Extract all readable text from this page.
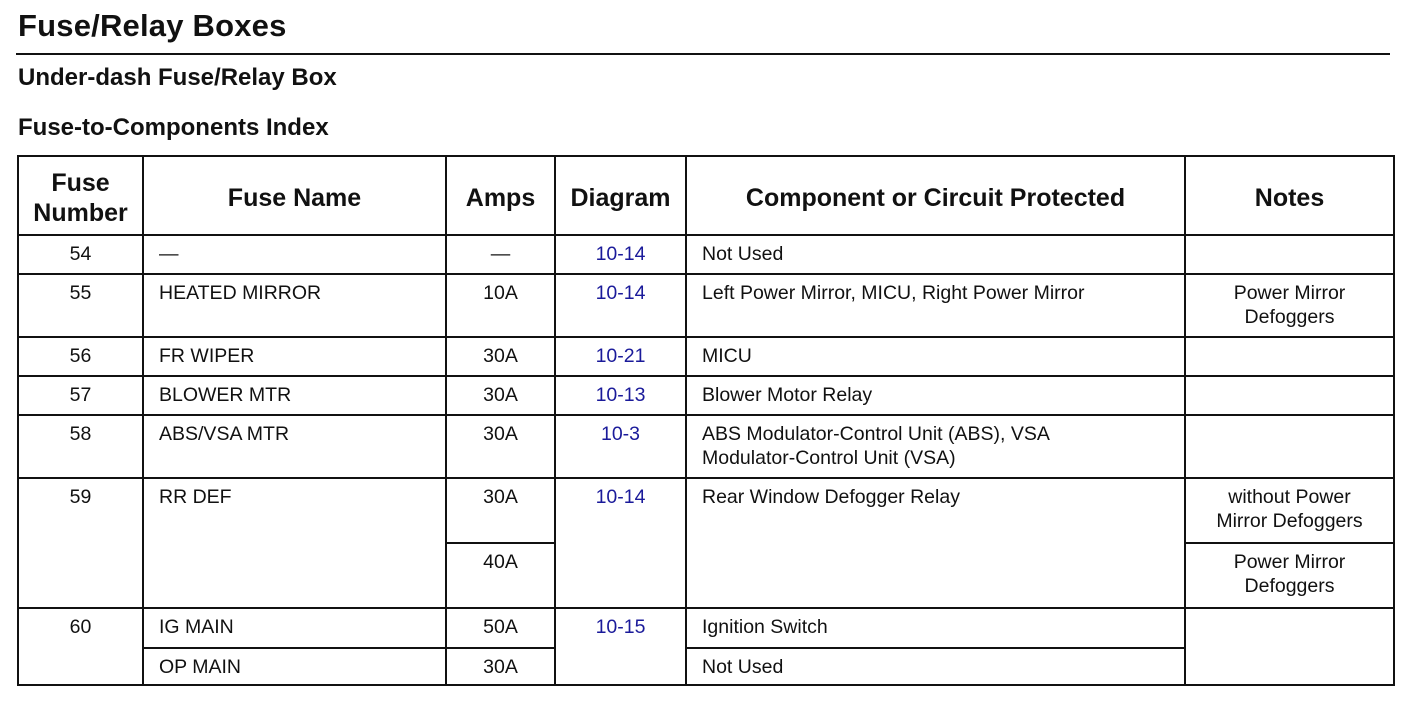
Fuse/Relay Boxes
Under-dash Fuse/Relay Box
Fuse-to-Components Index
Fuse
Number	Fuse Name	Amps	Diagram	Component or Circuit Protected	Notes
54	—	—	10-14	Not Used	
55	HEATED MIRROR	10A	10-14	Left Power Mirror, MICU, Right Power Mirror	Power Mirror
Defoggers
56	FR WIPER	30A	10-21	MICU	
57	BLOWER MTR	30A	10-13	Blower Motor Relay	
58	ABS/VSA MTR	30A	10-3	ABS Modulator-Control Unit (ABS), VSA
Modulator-Control Unit (VSA)	
59	RR DEF	30A	10-14	Rear Window Defogger Relay	without Power
Mirror Defoggers
		40A			Power Mirror
Defoggers
60	IG MAIN	50A	10-15	Ignition Switch	
	OP MAIN	30A		Not Used	
